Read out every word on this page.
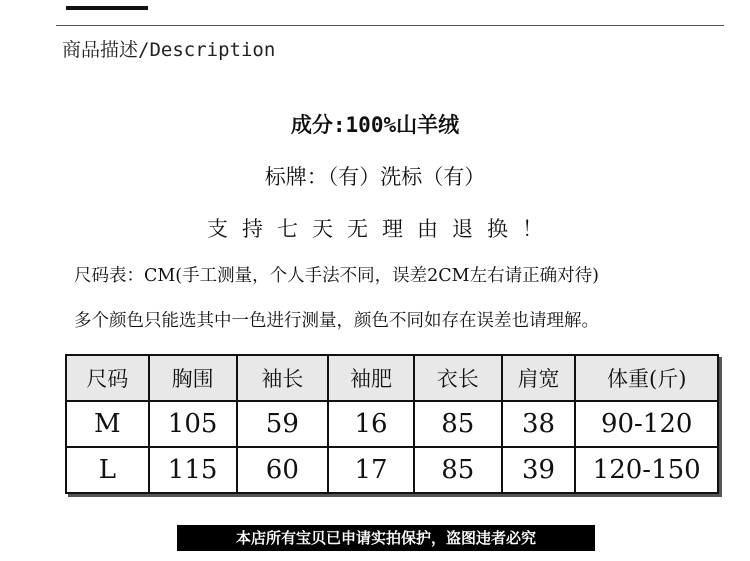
商品描述/Description
成分:100%山羊绒
标牌：（有）洗标（有）
支持七天无理由退换！
尺码表：CM(手工测量，个人手法不同，误差2CM左右请正确对待)
多个颜色只能选其中一色进行测量，颜色不同如存在误差也请理解。
尺码	胸围	袖长	袖肥	衣长	肩宽	体重(斤)
M	105	59	16	85	38	90-120
L	115	60	17	85	39	120-150
本店所有宝贝已申请实拍保护，盗图违者必究
